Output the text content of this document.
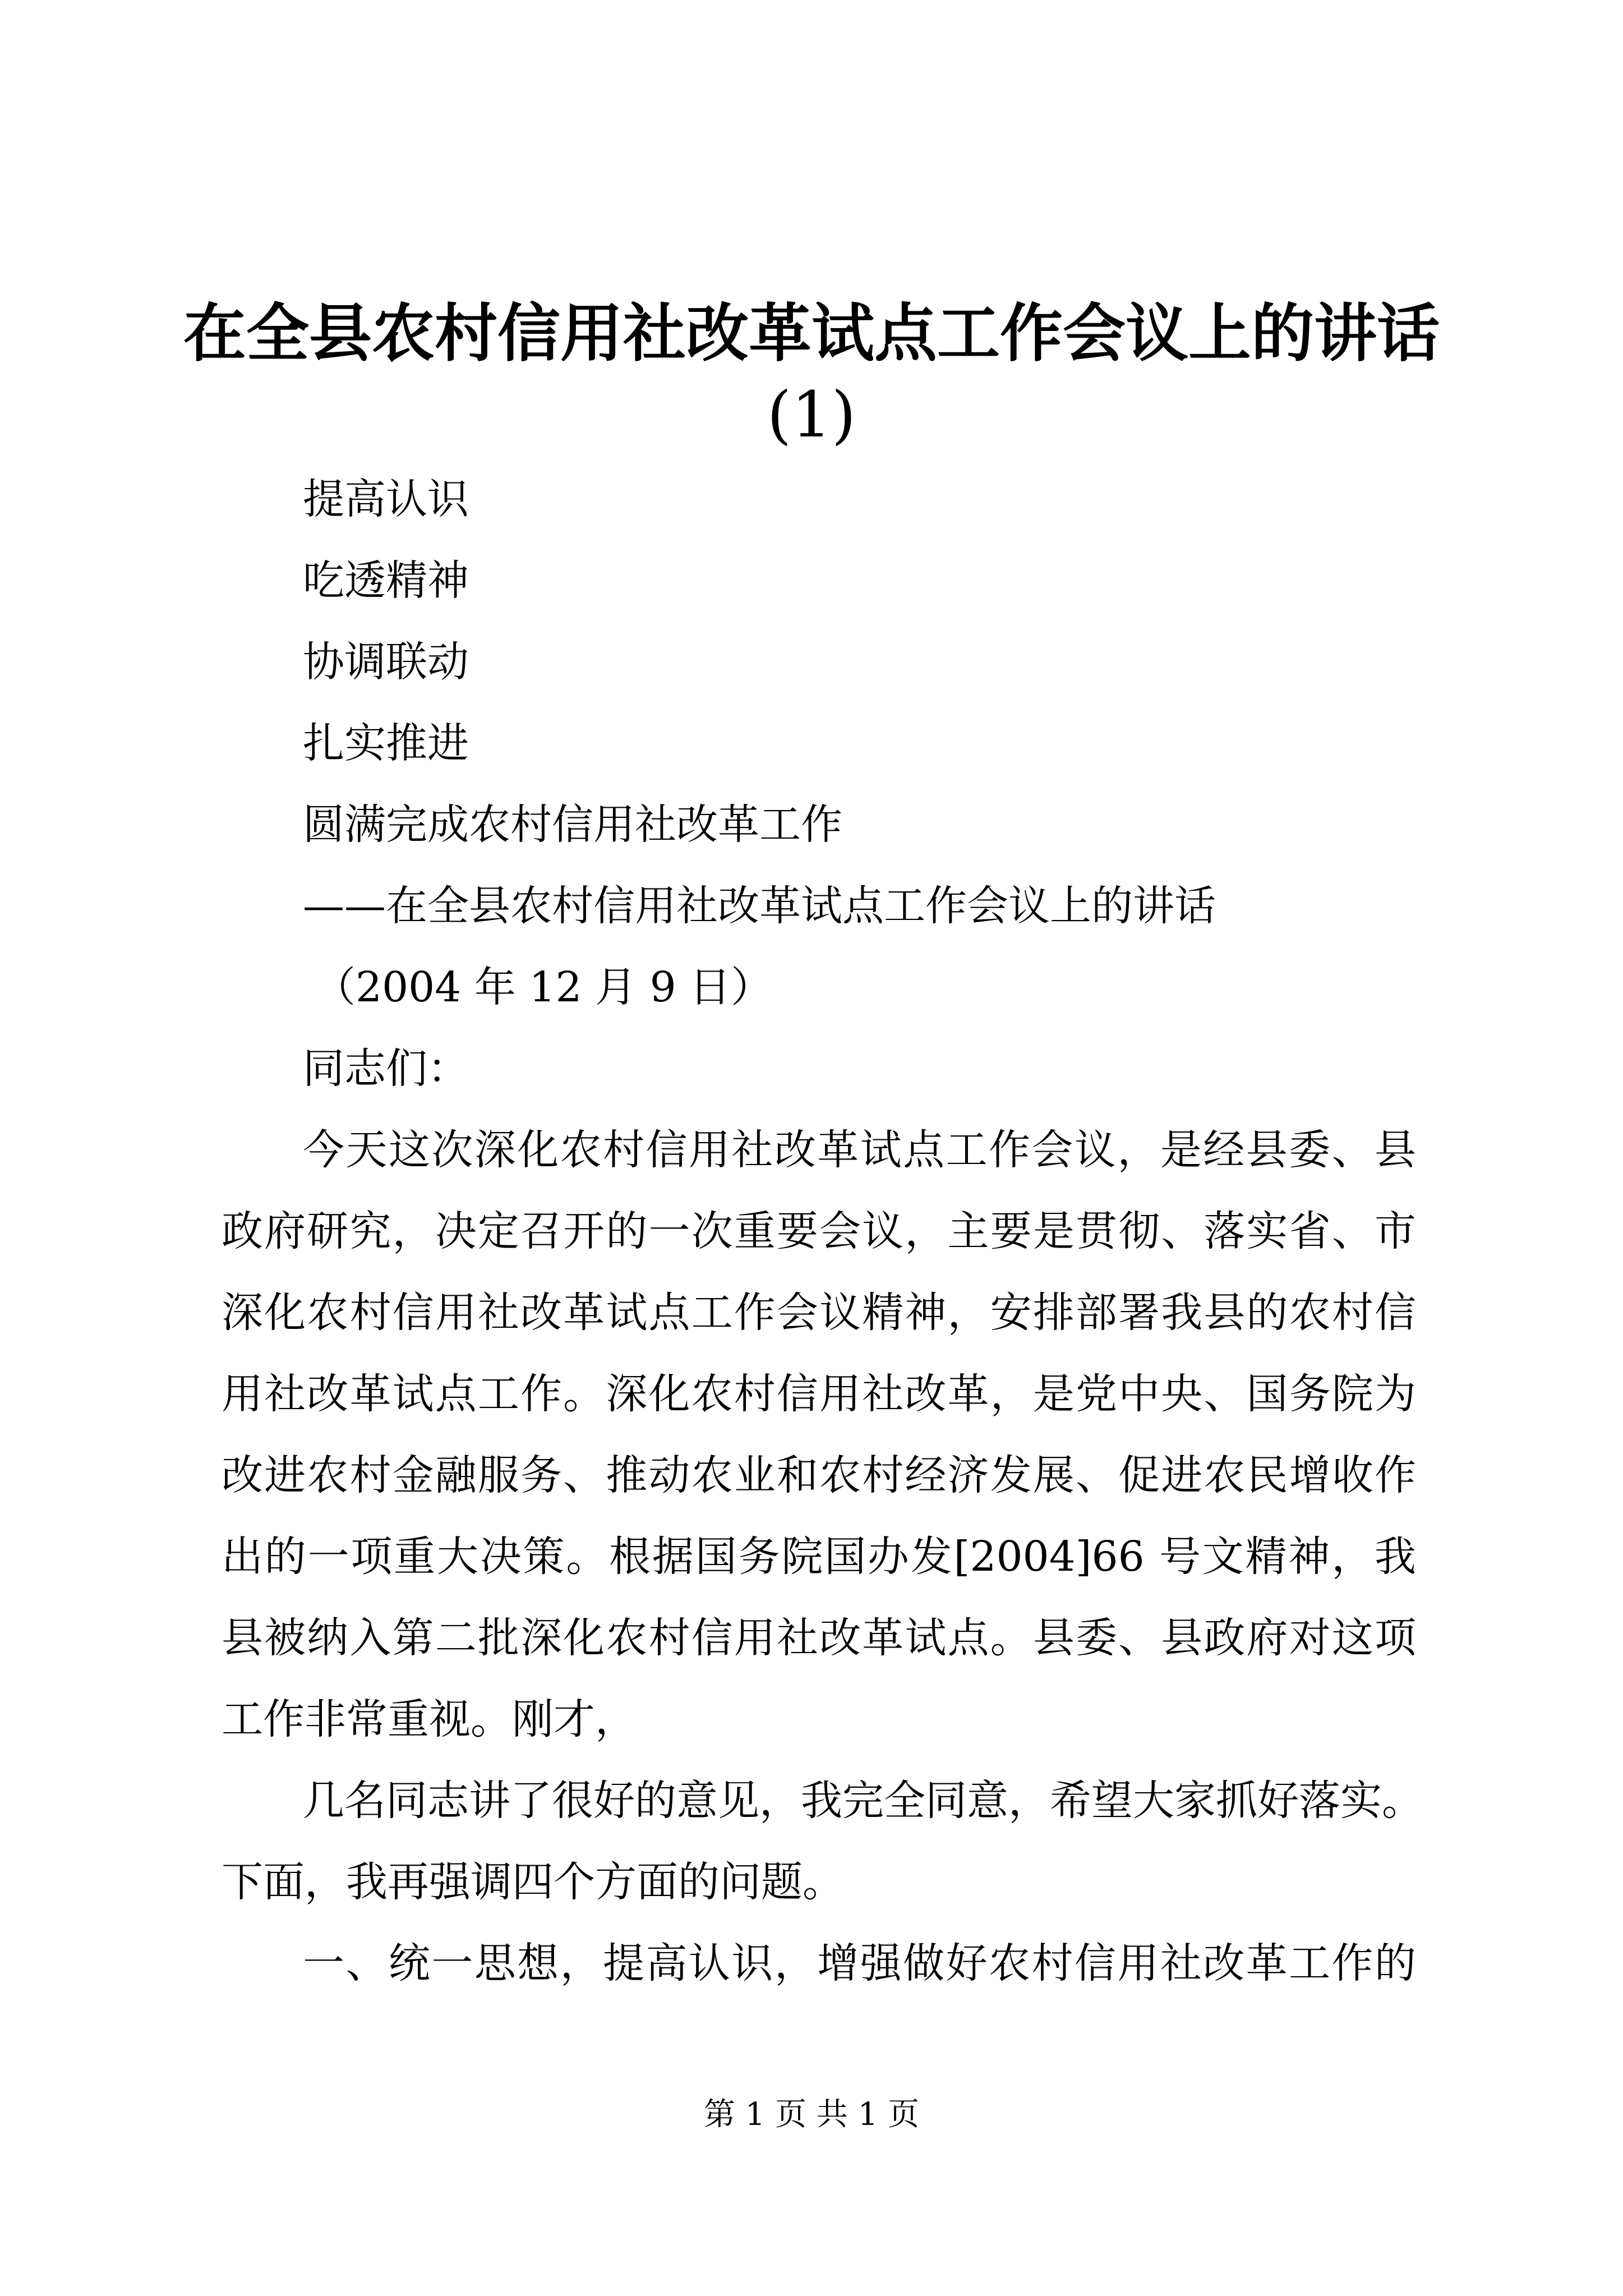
在全县农村信用社改革试点工作会议上的讲话
(1)

提高认识

吃透精神

协调联动

扎实推进

圆满完成农村信用社改革工作

——在全县农村信用社改革试点工作会议上的讲话

（2004 年 12 月 9 日）

同志们：

今天这次深化农村信用社改革试点工作会议，是经县委、县

政府研究，决定召开的一次重要会议，主要是贯彻、落实省、市

深化农村信用社改革试点工作会议精神，安排部署我县的农村信

用社改革试点工作。深化农村信用社改革，是党中央、国务院为

改进农村金融服务、推动农业和农村经济发展、促进农民增收作

出的一项重大决策。根据国务院国办发[2004]66 号文精神，我

县被纳入第二批深化农村信用社改革试点。县委、县政府对这项

工作非常重视。刚才，

几名同志讲了很好的意见，我完全同意，希望大家抓好落实。

下面，我再强调四个方面的问题。

一、统一思想，提高认识，增强做好农村信用社改革工作的

第 1 页 共 1 页
